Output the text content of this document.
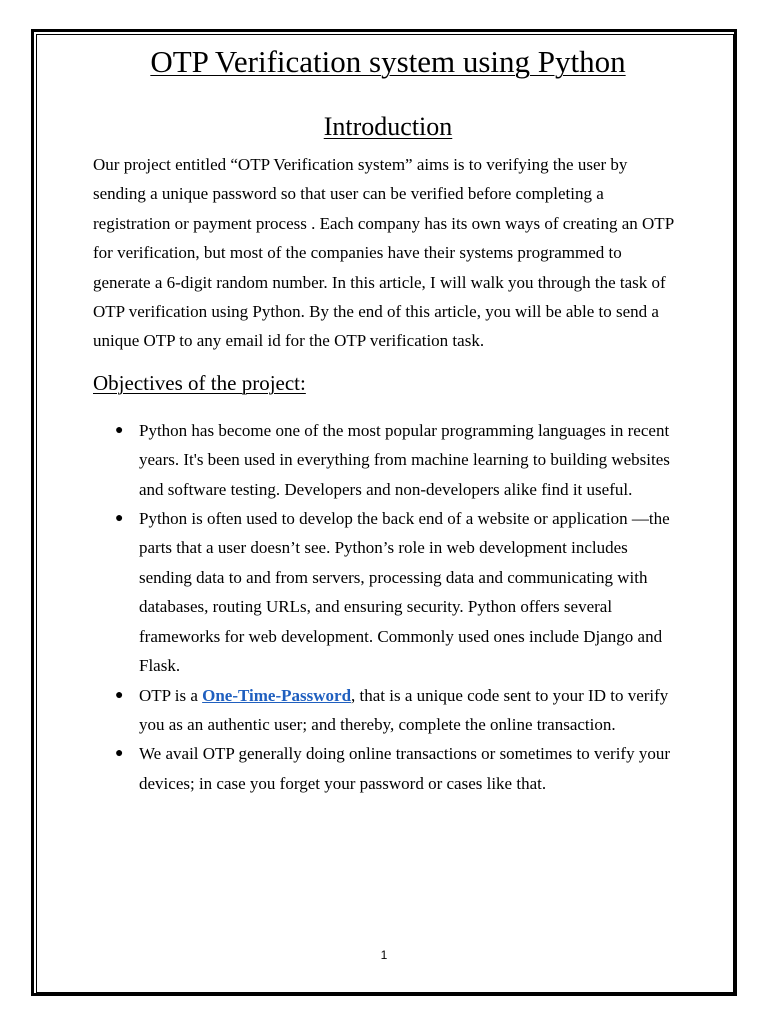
OTP Verification system using Python
Introduction

Our project entitled “OTP Verification system” aims is to verifying the user by sending a unique password so that user can be verified before completing a registration or payment process . Each company has its own ways of creating an OTP for verification, but most of the companies have their systems programmed to generate a 6-digit random number. In this article, I will walk you through the task of OTP verification using Python. By the end of this article, you will be able to send a unique OTP to any email id for the OTP verification task.

Objectives of the project:
● Python has become one of the most popular programming languages in recent years. It's been used in everything from machine learning to building websites and software testing. Developers and non-developers alike find it useful.
● Python is often used to develop the back end of a website or application —the parts that a user doesn’t see. Python’s role in web development includes sending data to and from servers, processing data and communicating with databases, routing URLs, and ensuring security. Python offers several frameworks for web development. Commonly used ones include Django and Flask.
● OTP is a One-Time-Password, that is a unique code sent to your ID to verify you as an authentic user; and thereby, complete the online transaction.
● We avail OTP generally doing online transactions or sometimes to verify your devices; in case you forget your password or cases like that.
1
